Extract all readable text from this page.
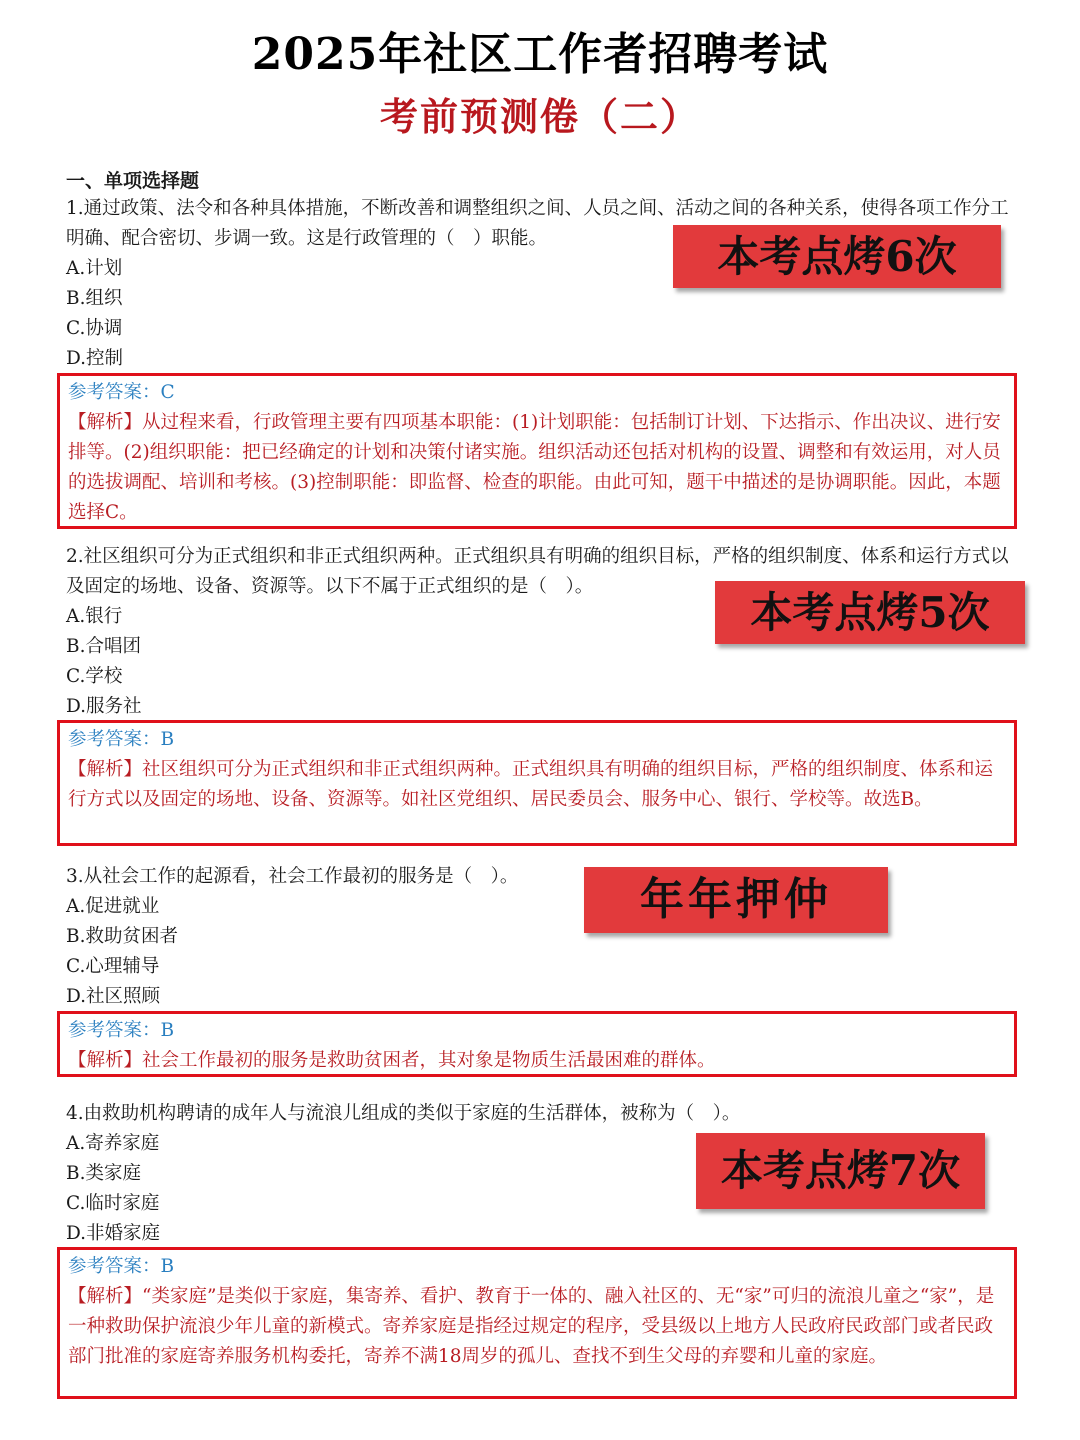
2025年社区工作者招聘考试
考前预测倦（二）
一、单项选择题

1.通过政策、法令和各种具体措施，不断改善和调整组织之间、人员之间、活动之间的各种关系，使得各项工作分工明确、配合密切、步调一致。这是行政管理的（　）职能。

A.计划
B.组织
C.协调
D.控制
本考点烤6次
参考答案：C

【解析】从过程来看，行政管理主要有四项基本职能：(1)计划职能：包括制订计划、下达指示、作出决议、进行安排等。(2)组织职能：把已经确定的计划和决策付诸实施。组织活动还包括对机构的设置、调整和有效运用，对人员的选拔调配、培训和考核。(3)控制职能：即监督、检查的职能。由此可知，题干中描述的是协调职能。因此，本题选择C。

2.社区组织可分为正式组织和非正式组织两种。正式组织具有明确的组织目标，严格的组织制度、体系和运行方式以及固定的场地、设备、资源等。以下不属于正式组织的是（　）。

A.银行
B.合唱团
C.学校
D.服务社
本考点烤5次
参考答案：B

【解析】社区组织可分为正式组织和非正式组织两种。正式组织具有明确的组织目标，严格的组织制度、体系和运行方式以及固定的场地、设备、资源等。如社区党组织、居民委员会、服务中心、银行、学校等。故选B。

3.从社会工作的起源看，社会工作最初的服务是（　）。

A.促进就业
B.救助贫困者
C.心理辅导
D.社区照顾
年年押仲
参考答案：B

【解析】社会工作最初的服务是救助贫困者，其对象是物质生活最困难的群体。

4.由救助机构聘请的成年人与流浪儿组成的类似于家庭的生活群体，被称为（　）。

A.寄养家庭
B.类家庭
C.临时家庭
D.非婚家庭
本考点烤7次
参考答案：B

【解析】“类家庭”是类似于家庭，集寄养、看护、教育于一体的、融入社区的、无“家”可归的流浪儿童之“家”，是一种救助保护流浪少年儿童的新模式。寄养家庭是指经过规定的程序，受县级以上地方人民政府民政部门或者民政部门批准的家庭寄养服务机构委托，寄养不满18周岁的孤儿、查找不到生父母的弃婴和儿童的家庭。
